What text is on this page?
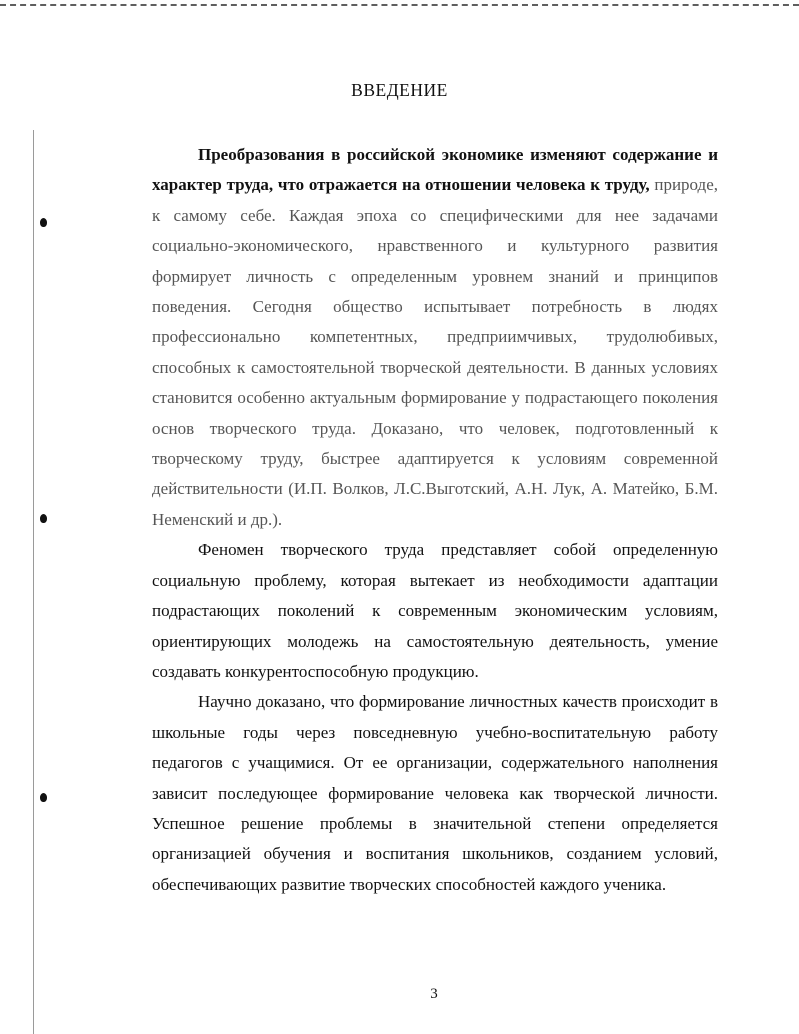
ВВЕДЕНИЕ

Преобразования в российской экономике изменяют содержание и характер труда, что отражается на отношении человека к труду, природе, к самому себе. Каждая эпоха со специфическими для нее задачами социально-экономического, нравственного и культурного развития формирует личность с определенным уровнем знаний и принципов поведения. Сегодня общество испытывает потребность в людях профессионально компетентных, предприимчивых, трудолюбивых, способных к самостоятельной творческой деятельности. В данных условиях становится особенно актуальным формирование у подрастающего поколения основ творческого труда. Доказано, что человек, подготовленный к творческому труду, быстрее адаптируется к условиям современной действительности (И.П. Волков, Л.С.Выготский, А.Н. Лук, А. Матейко, Б.М. Неменский и др.).

Феномен творческого труда представляет собой определенную социальную проблему, которая вытекает из необходимости адаптации подрастающих поколений к современным экономическим условиям, ориентирующих молодежь на самостоятельную деятельность, умение создавать конкурентоспособную продукцию.

Научно доказано, что формирование личностных качеств происходит в школьные годы через повседневную учебно-воспитательную работу педагогов с учащимися. От ее организации, содержательного наполнения зависит последующее формирование человека как творческой личности. Успешное решение проблемы в значительной степени определяется организацией обучения и воспитания школьников, созданием условий, обеспечивающих развитие творческих способностей каждого ученика.

3
